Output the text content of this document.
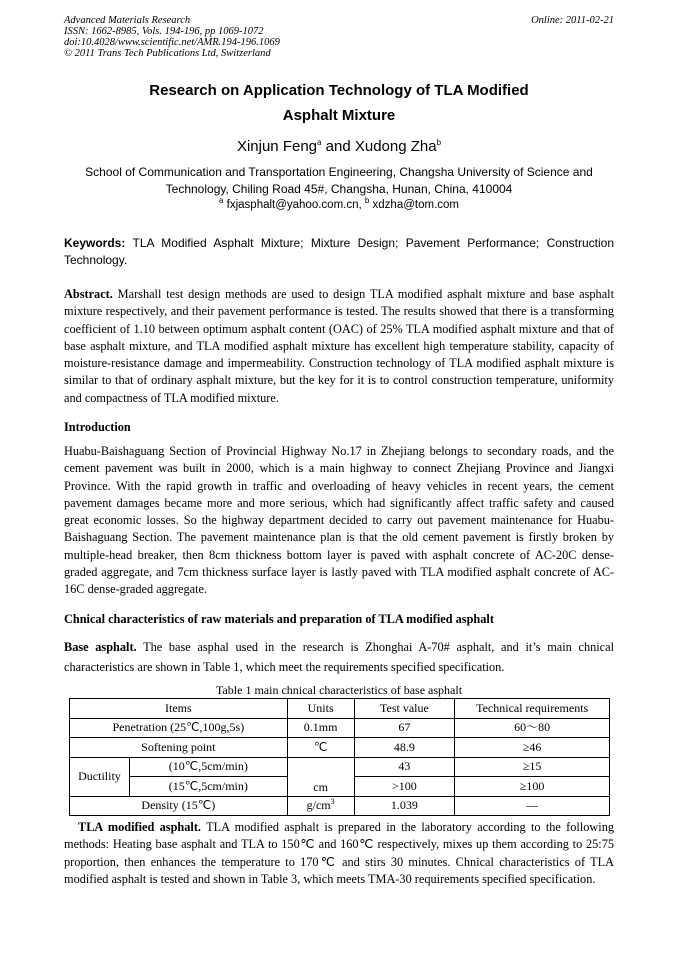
Advanced Materials Research
ISSN: 1662-8985, Vols. 194-196, pp 1069-1072
doi:10.4028/www.scientific.net/AMR.194-196.1069
© 2011 Trans Tech Publications Ltd, Switzerland
Online: 2011-02-21
Research on Application Technology of TLA Modified
Asphalt Mixture
Xinjun Feng$^a$ and Xudong Zha$^b$
School of Communication and Transportation Engineering, Changsha University of Science and Technology, Chiling Road 45#, Changsha, Hunan, China, 410004
$^a$ fxjasphalt@yahoo.com.cn, $^b$ xdzha@tom.com
Keywords: TLA Modified Asphalt Mixture; Mixture Design; Pavement Performance; Construction Technology.
Abstract. Marshall test design methods are used to design TLA modified asphalt mixture and base asphalt mixture respectively, and their pavement performance is tested. The results showed that there is a transforming coefficient of 1.10 between optimum asphalt content (OAC) of 25% TLA modified asphalt mixture and that of base asphalt mixture, and TLA modified asphalt mixture has excellent high temperature stability, capacity of moisture-resistance damage and impermeability. Construction technology of TLA modified asphalt mixture is similar to that of ordinary asphalt mixture, but the key for it is to control construction temperature, uniformity and compactness of TLA modified mixture.
Introduction
Huabu-Baishaguang Section of Provincial Highway No.17 in Zhejiang belongs to secondary roads, and the cement pavement was built in 2000, which is a main highway to connect Zhejiang Province and Jiangxi Province. With the rapid growth in traffic and overloading of heavy vehicles in recent years, the cement pavement damages became more and more serious, which had significantly affect traffic safety and caused great economic losses. So the highway department decided to carry out pavement maintenance for Huabu-Baishaguang Section. The pavement maintenance plan is that the old cement pavement is firstly broken by multiple-head breaker, then 8cm thickness bottom layer is paved with asphalt concrete of AC-20C dense-graded aggregate, and 7cm thickness surface layer is lastly paved with TLA modified asphalt concrete of AC-16C dense-graded aggregate.
Chnical characteristics of raw materials and preparation of TLA modified asphalt
Base asphalt. The base asphal used in the research is Zhonghai A-70# asphalt, and it’s main chnical characteristics are shown in Table 1, which meet the requirements specified specification.
Table 1 main chnical characteristics of base asphalt
Items		Units	Test value	Technical requirements
Penetration (25℃,100g,5s)		0.1mm	67	60～80
Softening point		℃	48.9	≥46
Ductility	(10℃,5cm/min)	cm	43	≥15
	(15℃,5cm/min)		>100	≥100
Density (15℃)		$g/cm^3$	1.039	—
TLA modified asphalt. TLA modified asphalt is prepared in the laboratory according to the following methods: Heating base asphalt and TLA to 150℃ and 160℃ respectively, mixes up them according to 25:75 proportion, then enhances the temperature to 170℃ and stirs 30 minutes. Chnical characteristics of TLA modified asphalt is tested and shown in Table 3, which meets TMA-30 requirements specified specification.
